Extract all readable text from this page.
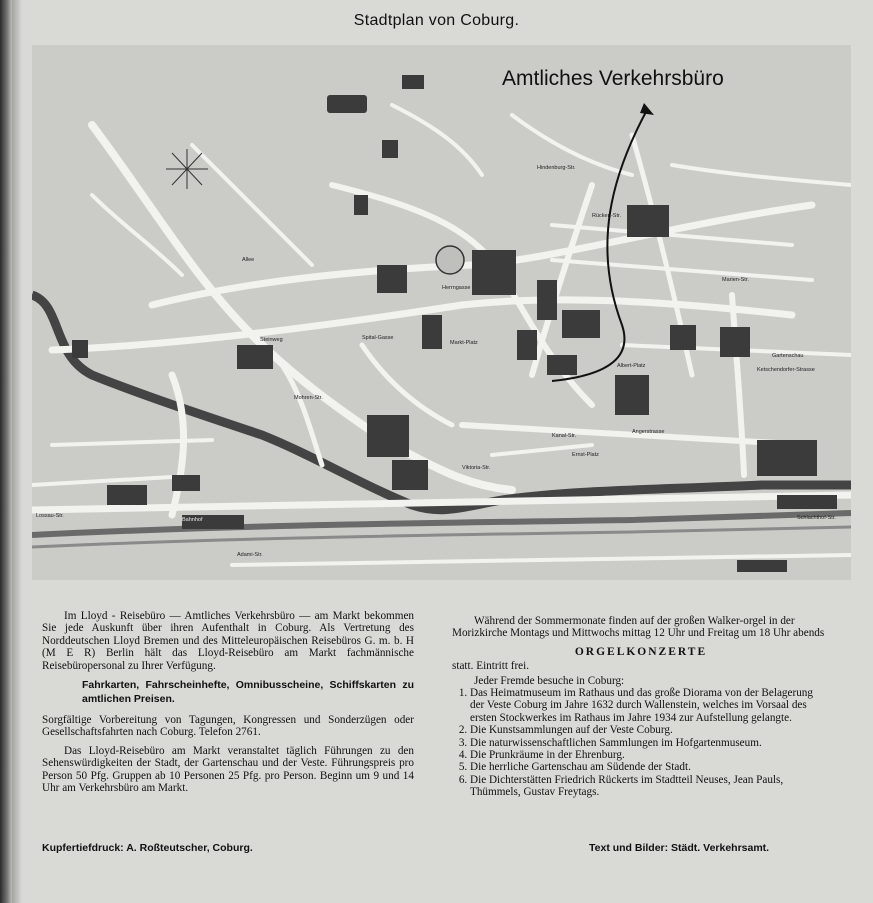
Stadtplan von Coburg.
Amtliches Verkehrsbüro
Allee
Steinweg	Spital-Gasse
Markt-Platz
Mohren-Str.
Lossau-Str.
Bahnhof
Adami-Str.
Viktoria-Str.
Angerstrasse
Schlachthof-Str.
Herrngasse
Kanal-Str.
Ketschendorfer-Strasse
Gartenschau
Marien-Str.
Rückert-Str.
Ernst-Platz
Albert-Platz
Hindenburg-Str.

Im Lloyd - Reisebüro — Amtliches Verkehrsbüro — am Markt bekommen Sie jede Auskunft über ihren Aufenthalt in Coburg. Als Vertretung des Norddeutschen Lloyd Bremen und des Mitteleuropäischen Reisebüros G. m. b. H (M E R) Berlin hält das Lloyd-Reisebüro am Markt fachmännische Reisebüropersonal zu Ihrer Verfügung.

Fahrkarten, Fahrscheinhefte, Omnibusscheine, Schiffskarten zu amtlichen Preisen.

Sorgfältige Vorbereitung von Tagungen, Kongressen und Sonderzügen oder Gesellschaftsfahrten nach Coburg. Telefon 2761.

Das Lloyd-Reisebüro am Markt veranstaltet täglich Führungen zu den Sehenswürdigkeiten der Stadt, der Gartenschau und der Veste. Führungspreis pro Person 50 Pfg. Gruppen ab 10 Personen 25 Pfg. pro Person. Beginn um 9 und 14 Uhr am Verkehrsbüro am Markt.

Während der Sommermonate finden auf der großen Walker-orgel in der Morizkirche Montags und Mittwochs mittag 12 Uhr und Freitag um 18 Uhr abends

ORGELKONZERTE

statt. Eintritt frei.

Jeder Fremde besuche in Coburg:

1. Das Heimatmuseum im Rathaus und das große Diorama von der Belagerung der Veste Coburg im Jahre 1632 durch Wallenstein, welches im Vorsaal des ersten Stockwerkes im Rathaus im Jahre 1934 zur Aufstellung gelangte.
2. Die Kunstsammlungen auf der Veste Coburg.
3. Die naturwissenschaftlichen Sammlungen im Hofgartenmuseum.
4. Die Prunkräume in der Ehrenburg.
5. Die herrliche Gartenschau am Südende der Stadt.
6. Die Dichterstätten Friedrich Rückerts im Stadtteil Neuses, Jean Pauls, Thümmels, Gustav Freytags.
Kupfertiefdruck: A. Roßteutscher, Coburg.	Text und Bilder: Städt. Verkehrsamt.
